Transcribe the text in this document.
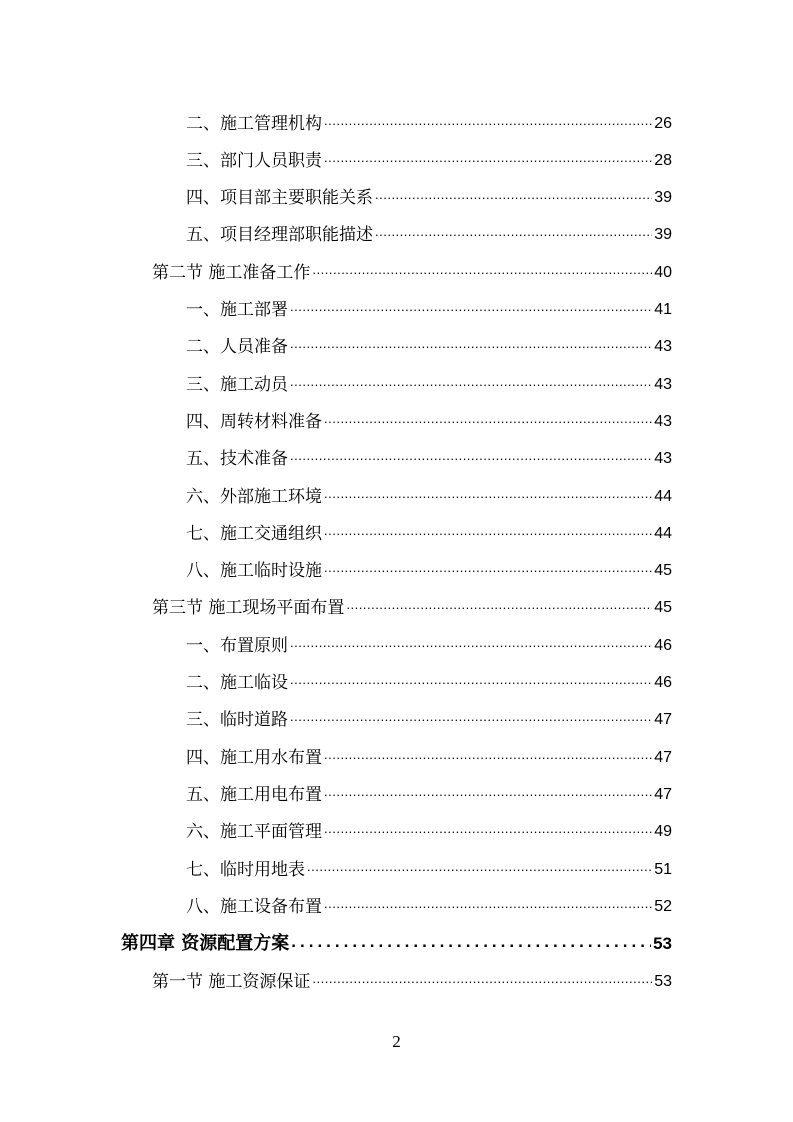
二、施工管理机构 .....	26
三、部门人员职责 .....	28
四、项目部主要职能关系 .....	39
五、项目经理部职能描述 .....	39
第二节 施工准备工作 .....	40
一、施工部署 .....	41
二、人员准备 .....	43
三、施工动员 .....	43
四、周转材料准备 .....	43
五、技术准备 .....	43
六、外部施工环境 .....	44
七、施工交通组织 .....	44
八、施工临时设施 .....	45
第三节 施工现场平面布置 .....	45
一、布置原则 .....	46
二、施工临设 .....	46
三、临时道路 .....	47
四、施工用水布置 .....	47
五、施工用电布置 .....	47
六、施工平面管理 .....	49
七、临时用地表 .....	51
八、施工设备布置 .....	52
第四章 资源配置方案 .....	53
第一节 施工资源保证 .....	53
2
